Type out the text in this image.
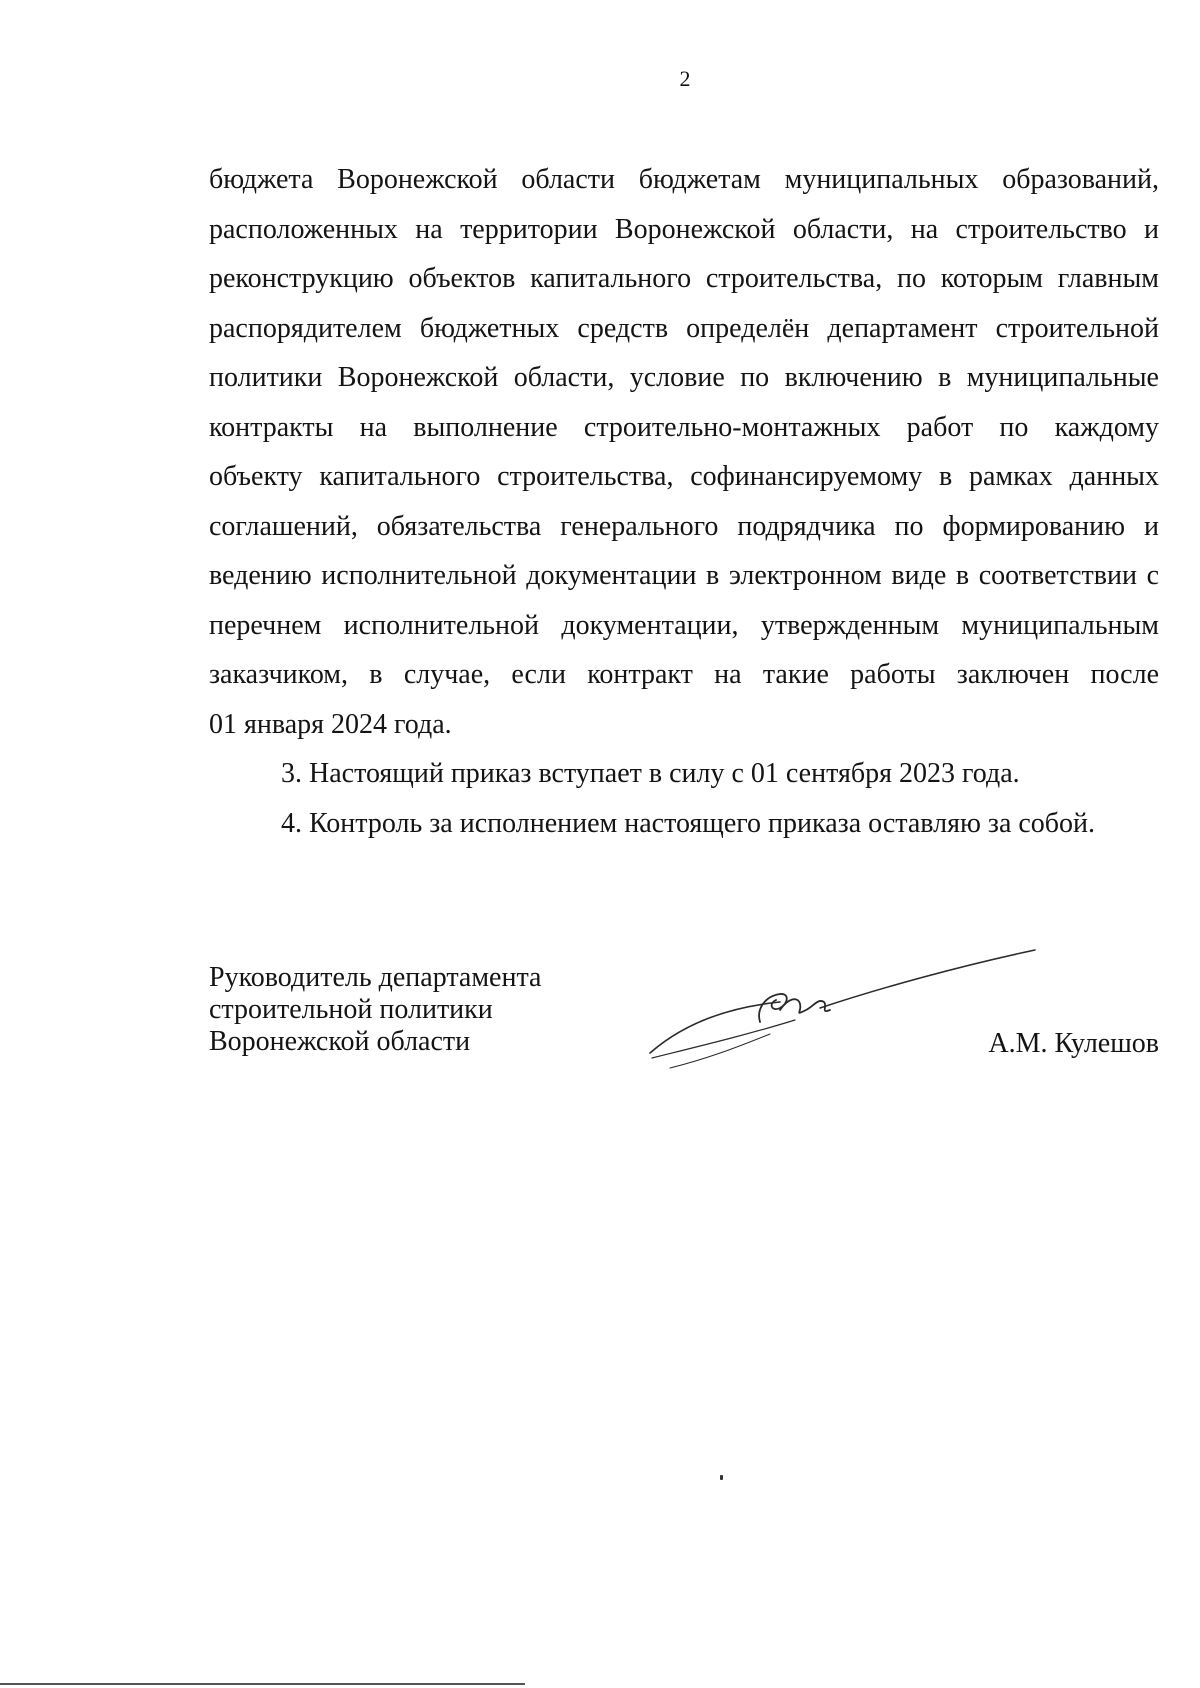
2
бюджета Воронежской области бюджетам муниципальных образований,
расположенных на территории Воронежской области, на строительство и
реконструкцию объектов капитального строительства, по которым главным
распорядителем бюджетных средств определён департамент строительной
политики Воронежской области, условие по включению в муниципальные
контракты на выполнение строительно-монтажных работ по каждому
объекту капитального строительства, софинансируемому в рамках данных
соглашений, обязательства генерального подрядчика по формированию и
ведению исполнительной документации в электронном виде в соответствии с
перечнем исполнительной документации, утвержденным муниципальным
заказчиком, в случае, если контракт на такие работы заключен после
01 января 2024 года.

3. Настоящий приказ вступает в силу с 01 сентября 2023 года.

4. Контроль за исполнением настоящего приказа оставляю за собой.

Руководитель департамента
строительной политики
Воронежской области	А.М. Кулешов
